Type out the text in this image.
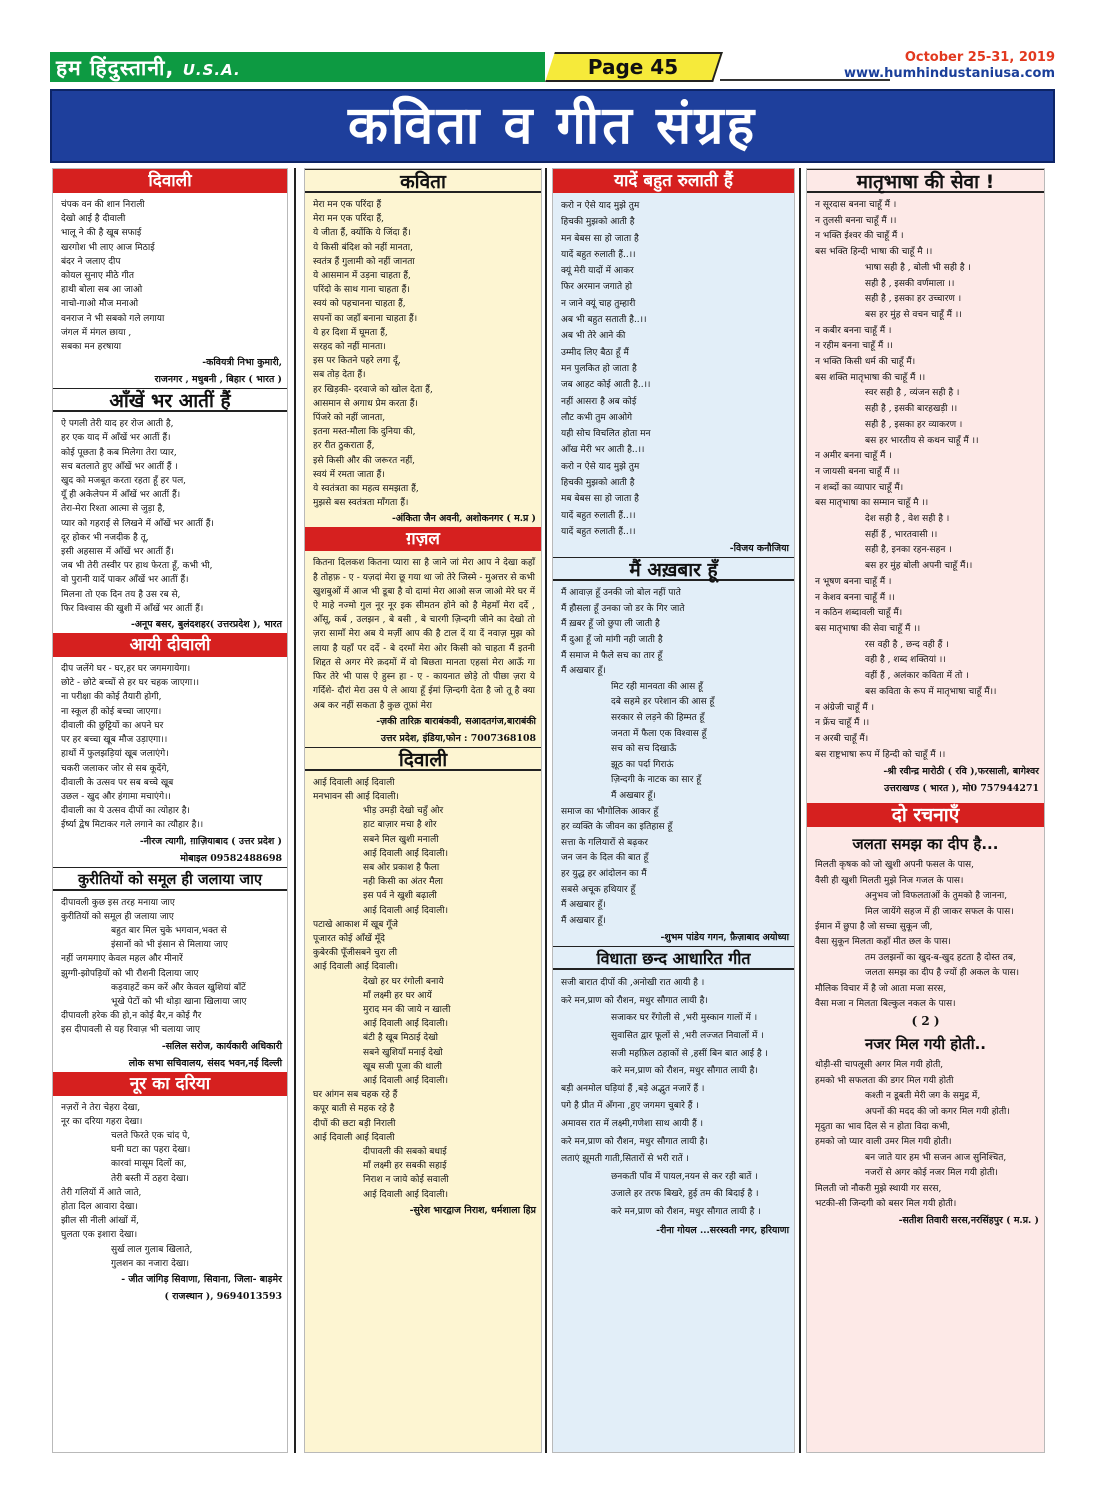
हम हिंदुस्तानी, U.S.A.	Page 45	October 25-31, 2019
www.humhindustaniusa.com
कविता व गीत संग्रह
दिवाली
चंपक वन की शान निराली
देखो आई है दीवाली
भालू ने की है खूब सफाई
खरगोश भी लाए आज मिठाई
बंदर ने जलाए दीप
कोयल सुनाए मीठे गीत
हाथी बोला सब आ जाओ
नाचो-गाओ मौज मनाओ
वनराज ने भी सबको गले लगाया
जंगल में मंगल छाया ,
सबका मन हरषाया
-कवियत्री निभा कुमारी,
राजनगर , मधुबनी , बिहार ( भारत )
आँखें भर आतीं हैं
ऐ पगली तेरी याद हर रोज आती है,
हर एक याद में आँखें भर आतीं हैं।
कोई पूछता है कब मिलेगा तेरा प्यार,
सच बतलाते हुए आँखें भर आतीं हैं ।
खुद को मजबूत करता रहता हूँ हर पल,
यूँ ही अकेलेपन में आँखें भर आतीं हैं।
तेरा-मेरा रिश्ता आत्मा से जुड़ा है,
प्यार को गहराई से लिखने में आँखें भर आतीं हैं।
दूर होकर भी नजदीक है तू,
इसी अहसास में आँखें भर आतीं हैं।
जब भी तेरी तस्वीर पर हाथ फेरता हूँ, कभी भी,
वो पुरानी यादें पाकर आँखें भर आतीं हैं।
मिलना तो एक दिन तय है उस रब से,
फिर विश्वास की खुशी में आँखें भर आतीं हैं।
-अनूप बसर, बुलंदशहर( उत्तरप्रदेश ), भारत
आयी दीवाली
दीप जलेंगे घर - घर,हर घर जगमगायेगा।
छोटे - छोटे बच्चों से हर घर चहक जाएगा।।
ना परीक्षा की कोई तैयारी होगी,
ना स्कूल ही कोई बच्चा जाएगा।
दीवाली की छुट्टियों का अपने घर
पर हर बच्चा खूब मौज उड़ाएगा।।
हाथों में फुलझड़ियां खूब जलाएंगे।
चकरी जलाकर जोर से सब कूदेंगे,
दीवाली के उत्सव पर सब बच्चे खूब
उछल - खुद और हंगामा मचाएंगे।।
दीवाली का ये उत्सव दीपों का त्योहार है।
ईर्ष्या द्वेष मिटाकर गले लगाने का त्यौहार है।।
-नीरज त्यागी, ग़ाज़ियाबाद ( उत्तर प्रदेश )
मोबाइल 09582488698
कुरीतियों को समूल ही जलाया जाए
दीपावली कुछ इस तरह मनाया जाए
कुरीतियों को समूल ही जलाया जाए
बहुत बार मिल चुके भगवान,भक्त से
इंसानों को भी इंसान से मिलाया जाए
नहीं जगमगाए केवल महल और मीनारें
झुग्गी-झोपड़ियों को भी रौशनी दिलाया जाए
कड़वाहटें कम करें और केवल खुशियां बाँटें
भूखे पेटों को भी थोड़ा खाना खिलाया जाए
दीपावली हरेक की हो,न कोई बैर,न कोई गैर
इस दीपावली से यह रिवाज़ भी चलाया जाए
-सलिल सरोज, कार्यकारी अधिकारी
लोक सभा सचिवालय, संसद भवन,नई दिल्ली
नूर का दरिया
नज़रों ने तेरा चेहरा देखा,
नूर का दरिया गहरा देखा।
चलते फिरते एक चांद पे,
घनी घटा का पहरा देखा।
कारवां मासूम दिलों का,
तेरी बस्ती में ठहरा देखा।
तेरी गलियों में आते जाते,
होता दिल आवारा देखा।
झील सी नीली आंखों में,
घुलता एक इशारा देखा।
सुर्ख लाल गुलाब खिलाते,
गुलशन का नजारा देखा।
- जीत जांगिड़ सिवाणा, सिवाना, जिला- बाड़मेर
( राजस्थान ), 9694013593
कविता
मेरा मन एक परिंदा हैं
मेरा मन एक परिंदा हैं,
ये जीता हैं, क्योंकि ये जिंदा हैं।
ये किसी बंदिश को नहीं मानता,
स्वतंत्र हैं गुलामी को नहीं जानता
ये आसमान में उड़ना चाहता हैं,
परिंदो के साथ गाना चाहता हैं।
स्वयं को पहचानना चाहता हैं,
सपनों का जहाँ बनाना चाहता हैं।
ये हर दिशा में घूमता हैं,
सरहद को नहीं मानता।
इस पर कितने पहरे लगा दूँ,
सब तोड़ देता हैं।
हर खिड़की- दरवाजे को खोल देता हैं,
आसमान से अगाध प्रेम करता हैं।
पिंजरे को नहीं जानता,
इतना मस्त-मौला कि दुनिया की,
हर रीत ठुकराता हैं,
इसे किसी और की जरूरत नहीं,
स्वयं में रमता जाता हैं।
ये स्वतंत्रता का महत्व समझता हैं,
मुझसे बस स्वतंत्रता माँगता हैं।
-अंकिता जैन अवनी, अशोकनगर ( म.प्र )
ग़ज़ल
कितना दिलकश कितना प्यारा सा है जाने जां मेरा आप ने देखा कहाँ है तोहफ़ - ए - यज़दां मेरा छू गया था जो तेरे जिस्मे - मुअत्तर से कभी खुशबुओं में आज भी डूबा है वो दामां मेरा आओ सज जाओ मेरे घर में ऐ माहे नज्मो गुल नूर नूर इक सीमतन होने को है मेहमाँ मेरा दर्दे , आँसू, कर्ब , उलझन , बे बसी , बे चारगी ज़िन्दगी जीने का देखो तो ज़रा सामाँ मेरा अब ये मर्ज़ी आप की है टाल दें या दें नवाज़ मुझ को लाया है यहाँ पर दर्दे - बे दरमाँ मेरा ओर किसी को चाहता मैं इतनी शिद्दत से अगर मेरे क़दमों में वो बिछता मानता एहसां मेरा आऊँ गा फिर तेरे भी पास ऐ हुस्न हा - ए - कायनात छोड़े तो पीछा ज़रा ये गर्दिशे- दौरां मेरा उस पे ले आया हूँ ईमां ज़िन्दगी देता है जो तू है क्या अब कर नहीं सकता है कुछ तूफ़ां मेरा
-ज़की तारिक़ बाराबंकवी, सआदतगंज,बाराबंकी
उत्तर प्रदेश, इंडिया,फोन : 7007368108
दिवाली
आई दिवाली आई दिवाली
मनभावन सी आई दिवाली।
भीड़ उमड़ी देखो चहुँ ओर
हाट बाज़ार मचा है शोर
सबने मिल खुशी मनाली
आई दिवाली आई दिवाली।
सब ओर प्रकाश है फैला
नही किसी का अंतर मैला
इस पर्व ने खुशी बढ़ाली
आई दिवाली आई दिवाली।
पटाखे आकाश में खूब गूँजे
पूजारत कोई आँखें मूँदे
कुबेरकी पूँजीसबने चुरा ली
आई दिवाली आई दिवाली।
देखो हर घर रंगोली बनाये
माँ लक्ष्मी हर घर आयें
मुराद मन की जाये न खाली
आई दिवाली आई दिवाली।
बंटी है खूब मिठाई देखो
सबने खुशियाँ मनाई देखो
खूब सजी पूजा की थाली
आई दिवाली आई दिवाली।
घर आंगन सब चहक रहे हैं
कपूर बाती से महक रहे है
दीपों की छटा बड़ी निराली
आई दिवाली आई दिवाली
दीपावली की सबको बधाई
माँ लक्ष्मी हर सबकी सहाई
निराश न जाये कोई सवाली
आई दिवाली आई दिवाली।
-सुरेश भारद्वाज निराश, धर्मशाला हिप्र
यादें बहुत रुलाती हैं
करो न ऐसे याद मुझे तुम
हिचकी मुझको आती है
मन बेबस सा हो जाता है
यादें बहुत रुलाती हैं..।।
क्यूं मेरी यादों में आकर
फिर अरमान जगाते हो
न जाने क्यूं चाह तुम्हारी
अब भी बहुत सताती है..।।
अब भी तेरे आने की
उम्मीद लिए बैठा हूँ मैं
मन पुलकित हो जाता है
जब आहट कोई आती है..।।
नहीं आसरा है अब कोई
लौट कभी तुम आओगे
यही सोच विचलित होता मन
आँख मेरी भर आती है..।।
करो न ऐसे याद मुझे तुम
हिचकी मुझको आती है
मब बेबस सा हो जाता है
यादें बहुत रुलाती हैं..।।
यादें बहुत रुलाती हैं..।।
-विजय कनौजिया
मैं अख़बार हूँ
मैं आवाज़ हूँ उनकी जो बोल नहीं पाते
मैं हौसला हूँ उनका जो डर के गिर जाते
मैं ख़बर हूँ जो छुपा ली जाती है
मैं दुआ हूँ जो मांगी नही जाती है
मैं समाज मे फैले सच का तार हूँ
मैं अखबार हूँ।
मिट रही मानवता की आस हूँ
दबे सहमे हर परेशान की आस हूँ
सरकार से लड़ने की हिम्मत हूँ
जनता में फैला एक विश्वास हूँ
सच को सच दिखाऊँ
झूठ का पर्दा गिराऊं
ज़िन्दगी के नाटक का सार हूँ
मैं अखबार हूँ।
समाज का भौगोलिक आकर हूँ
हर व्यक्ति के जीवन का इतिहास हूँ
सत्ता के गलियारों से बढ़कर
जन जन के दिल की बात हूँ
हर युद्ध हर आंदोलन का मैं
सबसे अचूक हथियार हूँ
मैं अखबार हूँ।
मैं अखबार हूँ।
-शुभम पांडेय गगन, फ़ैज़ाबाद अयोध्या
विधाता छन्द आधारित गीत
सजी बारात दीपों की ,अनोखी रात आयी है ।
करे मन,प्राण को रौशन, मधुर सौगात लायी है।
सजाकर घर रँगोली से ,भरी मुस्कान गालों में ।
सुवासित द्वार फूलों से ,भरी लज्जत निवालों में ।
सजी महफ़िल ठहाकों से ,हसीं बिन बात आई है ।
करे मन,प्राण को रौशन, मधुर सौगात लायी है।
बड़ी अनमोल घड़ियां हैं ,बड़े अद्भुत नजारें हैं ।
पगे है प्रीत में अँगना ,हुए जगमग चुबारे हैं ।
अमावस रात में लक्ष्मी,गणेशा साथ आयी हैं ।
करे मन,प्राण को रौशन, मधुर सौगात लायी है।
लताएं झूमती गाती,सितारों से भरी रातें ।
छनकती पाँव में पायल,नयन से कर रही बातें ।
उजाले हर तरफ बिखरे, हुई तम की बिदाई है ।
करे मन,प्राण को रौशन, मधुर सौगात लायी है ।
-रीना गोयल ...सरस्वती नगर, हरियाणा
मातृभाषा की सेवा !
न सूरदास बनना चाहूँ मैं ।
न तुलसी बनना चाहूँ मैं ।।
न भक्ति ईश्वर की चाहूँ मैं ।
बस भक्ति हिन्दी भाषा की चाहूँ मै ।।
भाषा सही है , बोली भी सही है ।
सही है , इसकी वर्णमाला ।।
सही है , इसका हर उच्चारण ।
बस हर मुंह से वचन चाहूँ मैं ।।
न कबीर बनना चाहूँ मैं ।
न रहीम बनना चाहूँ मैं ।।
न भक्ति किसी धर्म की चाहूँ मैं।
बस शक्ति मातृभाषा की चाहूँ मैं ।।
स्वर सही है , व्यंजन सही है ।
सही है , इसकी बारहखड़ी ।।
सही है , इसका हर व्याकरण ।
बस हर भारतीय से कथन चाहूँ मैं ।।
न अमीर बनना चाहूँ मैं ।
न जायसी बनना चाहूँ मैं ।।
न शब्दों का व्यापार चाहूँ मैं।
बस मातृभाषा का सम्मान चाहूँ मै ।।
देश सही है , वेश सही है ।
सहीं हैं , भारतवासी ।।
सही है, इनका रहन-सहन ।
बस हर मुंह बोली अपनी चाहूँ मैं।।
न भूषण बनना चाहूँ मैं ।
न केशव बनना चाहूँ मैं ।।
न कठिन शब्दावली चाहूँ मैं।
बस मातृभाषा की सेवा चाहूँ मैं ।।
रस वही है , छन्द वही हैं ।
वही है , शब्द शक्तियां ।।
वहीं हैं , अलंकार कविता में तो ।
बस कविता के रूप में मातृभाषा चाहूँ मैं।।
न अंग्रेजी चाहूँ मैं ।
न फ्रेंच चाहूँ मैं ।।
न अरबी चाहूँ मैं।
बस राष्ट्रभाषा रूप में हिन्दी को चाहूँ मैं ।।
-श्री रवीन्द्र मारोठी ( रवि ),फरसाली, बागेश्वर
उत्तराखण्ड ( भारत ), मो0 757944271
दो रचनाएँ
जलता समझ का दीप है...
मिलती कृषक को जो खुशी अपनी फसल के पास,
वैसी ही खुशी मिलती मुझे निज गजल के पास।
अनुभव जो विफलताओं के तुमको है जानना,
मिल जायेंगे सहज में ही जाकर सफल के पास।
ईमान में छुपा है जो सच्चा सुकून जी,
वैसा सुकून मिलता कहाँ मीत छल के पास।
तम उलझनों का खुद-ब-खुद हटता है दोस्त तब,
जलता समझ का दीप है ज्यों ही अकल के पास।
मौलिक विचार में है जो आता मजा सरस,
वैसा मजा न मिलता बिल्कुल नकल के पास।
( 2 )
नजर मिल गयी होती..
थोड़ी-सी चापलूसी अगर मिल गयी होती,
हमको भी सफलता की डगर मिल गयी होती
कश्ती न डूबती मेरी जग के समुद्र में,
अपनों की मदद की जो कगर मिल गयी होती।
मृदुता का भाव दिल से न होता विदा कभी,
हमको जो प्यार वाली उमर मिल गयी होती।
बन जाते यार हम भी सजन आज सुनिश्चित,
नजरों से अगर कोई नजर मिल गयी होती।
मिलती जो नौकरी मुझे स्थायी गर सरस,
भटकी-सी जिन्दगी को बसर मिल गयी होती।
-सतीश तिवारी सरस,नरसिंहपुर ( म.प्र. )
